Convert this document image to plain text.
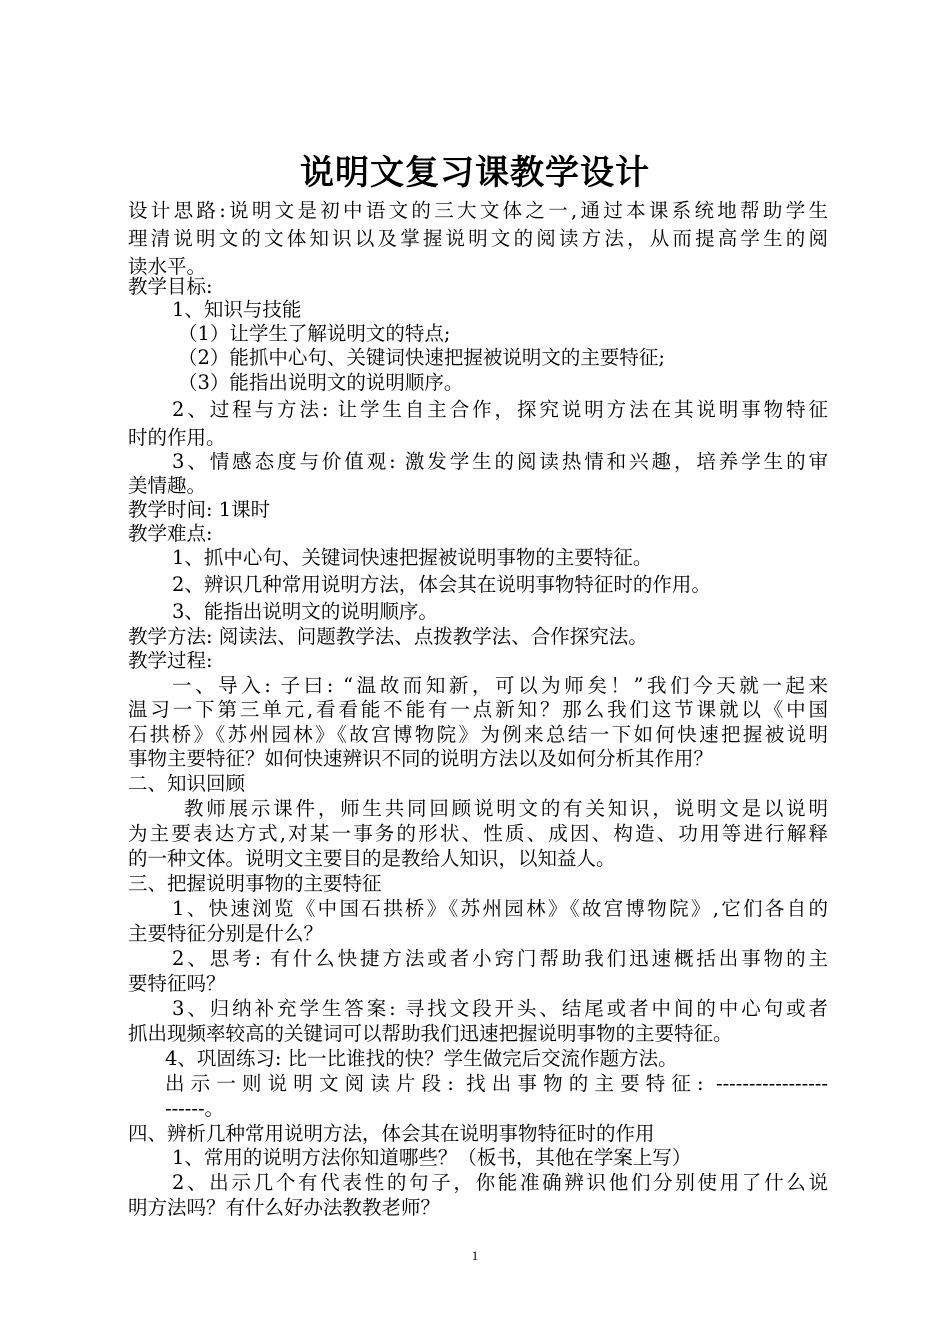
说明文复习课教学设计
设计思路:说明文是初中语文的三大文体之一,通过本课系统地帮助学生
理清说明文的文体知识以及掌握说明文的阅读方法，从而提高学生的阅
读水平。
教学目标:
1、知识与技能
（1）让学生了解说明文的特点;
（2）能抓中心句、关键词快速把握被说明文的主要特征;
（3）能指出说明文的说明顺序。
2、过程与方法: 让学生自主合作，探究说明方法在其说明事物特征
时的作用。
3、情感态度与价值观: 激发学生的阅读热情和兴趣，培养学生的审
美情趣。
教学时间: 1课时
教学难点:
1、抓中心句、关键词快速把握被说明事物的主要特征。
2、辨识几种常用说明方法，体会其在说明事物特征时的作用。
3、能指出说明文的说明顺序。
教学方法: 阅读法、问题教学法、点拨教学法、合作探究法。
教学过程:
一、导入: 子曰: “温故而知新，可以为师矣！”我们今天就一起来
温习一下第三单元,看看能不能有一点新知？那么我们这节课就以《中国
石拱桥》《苏州园林》《故宫博物院》为例来总结一下如何快速把握被说明
事物主要特征？如何快速辨识不同的说明方法以及如何分析其作用？
二、知识回顾
教师展示课件，师生共同回顾说明文的有关知识，说明文是以说明
为主要表达方式,对某一事务的形状、性质、成因、构造、功用等进行解释
的一种文体。说明文主要目的是教给人知识，以知益人。
三、把握说明事物的主要特征
1、快速浏览《中国石拱桥》《苏州园林》《故宫博物院》,它们各自的
主要特征分别是什么？
2、思考: 有什么快捷方法或者小窍门帮助我们迅速概括出事物的主
要特征吗？
3、归纳补充学生答案: 寻找文段开头、结尾或者中间的中心句或者
抓出现频率较高的关键词可以帮助我们迅速把握说明事物的主要特征。
4、巩固练习: 比一比谁找的快？学生做完后交流作题方法。
出示一则说明文阅读片段: 找出事物的主要特征: -----------------
------。
四、辨析几种常用说明方法，体会其在说明事物特征时的作用
1、常用的说明方法你知道哪些？（板书，其他在学案上写）
2、出示几个有代表性的句子，你能准确辨识他们分别使用了什么说
明方法吗？有什么好办法教教老师？
1
